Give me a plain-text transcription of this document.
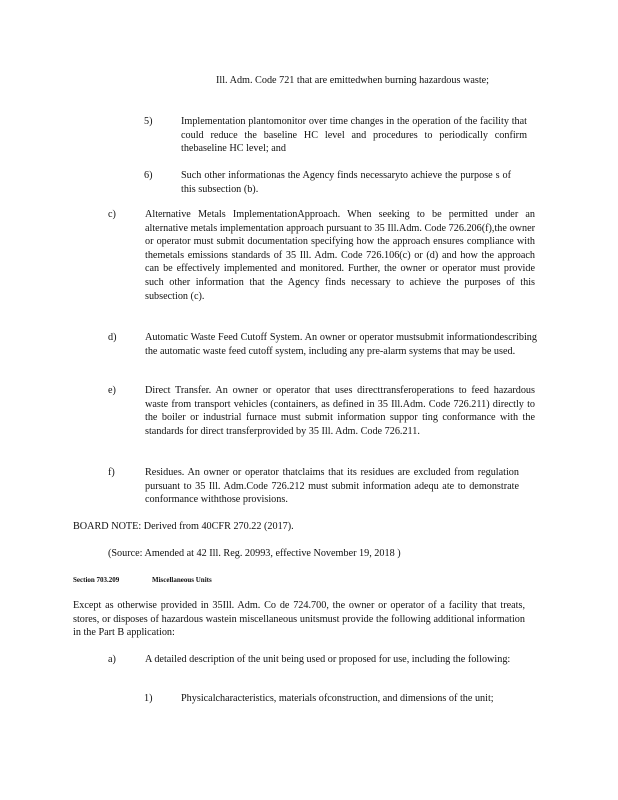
Ill. Adm. Code 721 that are emittedwhen burning hazardous waste;

5)	Implementation plantomonitor over time changes in the operation of the facility that could reduce the baseline HC level and procedures to periodically confirm thebaseline HC level; and

6)	Such other informationas the Agency finds necessaryto achieve the purpose s of this subsection (b).

c)	Alternative Metals ImplementationApproach. When seeking to be permitted under an alternative metals implementation approach pursuant to 35 Ill.Adm. Code 726.206(f),the owner or operator must submit documentation specifying how the approach ensures compliance with themetals emissions standards of 35 Ill. Adm. Code 726.106(c) or (d) and how the approach can be effectively implemented and monitored. Further, the owner or operator must provide such other information that the Agency finds necessary to achieve the purposes of this subsection (c).

d)	Automatic Waste Feed Cutoff System. An owner or operator mustsubmit informationdescribing the automatic waste feed cutoff system, including any pre-alarm systems that may be used.

e)	Direct Transfer. An owner or operator that uses directtransferoperations to feed hazardous waste from transport vehicles (containers, as defined in 35 Ill.Adm. Code 726.211) directly to the boiler or industrial furnace must submit information suppor ting conformance with the standards for direct transferprovided by 35 Ill. Adm. Code 726.211.

f)	Residues. An owner or operator thatclaims that its residues are excluded from regulation pursuant to 35 Ill. Adm.Code 726.212 must submit information adequ ate to demonstrate conformance withthose provisions.

BOARD NOTE: Derived from 40CFR 270.22 (2017).

(Source: Amended at 42 Ill. Reg. 20993, effective November 19, 2018 )

Section 703.209	Miscellaneous Units

Except as otherwise provided in 35Ill. Adm. Co de 724.700, the owner or operator of a facility that treats, stores, or disposes of hazardous wastein miscellaneous unitsmust provide the following additional information in the Part B application:

a)	A detailed description of the unit being used or proposed for use, including the following:

1)	Physicalcharacteristics, materials ofconstruction, and dimensions of the unit;
